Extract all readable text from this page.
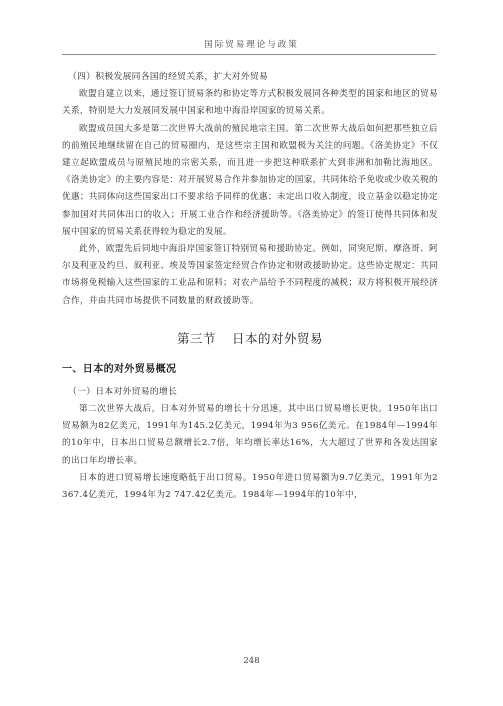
国际贸易理论与政策

（四）积极发展同各国的经贸关系，扩大对外贸易

欧盟自建立以来，通过签订贸易条约和协定等方式积极发展同各种类型的国家和地区的贸易关系，特别是大力发展同发展中国家和地中海沿岸国家的贸易关系。

欧盟成员国大多是第二次世界大战前的殖民地宗主国。第二次世界大战后如何把那些独立后的前殖民地继续留在自己的贸易圈内，是这些宗主国和欧盟极为关注的问题。《洛美协定》不仅建立起欧盟成员与原殖民地的宗密关系，而且进一步把这种联系扩大到非洲和加勒比海地区。《洛美协定》的主要内容是：对开展贸易合作并参加协定的国家，共同体给予免收或少收关税的优惠；共同体向这些国家出口不要求给予同样的优惠；未定出口收入制度，设立基金以稳定协定参加国对共同体出口的收入；开展工业合作和经济援助等。《洛美协定》的签订使得共同体和发展中国家的贸易关系获得较为稳定的发展。

此外，欧盟先后同地中海沿岸国家签订特别贸易和援助协定。例如，同突尼斯、摩洛哥、阿尔及利亚及约旦、叙利亚、埃及等国家签定经贸合作协定和财政援助协定。这些协定规定：共同市场将免税输入这些国家的工业品和原料；对农产品给予不同程度的减税；双方将积极开展经济合作，并由共同市场提供不同数量的财政援助等。

第三节 日本的对外贸易

一、日本的对外贸易概况

（一）日本对外贸易的增长

第二次世界大战后，日本对外贸易的增长十分迅速，其中出口贸易增长更快。1950年出口贸易额为82亿美元，1991年为145.2亿美元，1994年为3 956亿美元。在1984年—1994年的10年中，日本出口贸易总额增长2.7倍，年均增长率达16%，大大超过了世界和各发达国家的出口年均增长率。

日本的进口贸易增长速度略低于出口贸易。1950年进口贸易额为9.7亿美元，1991年为2 367.4亿美元，1994年为2 747.42亿美元。1984年—1994年的10年中，

248
